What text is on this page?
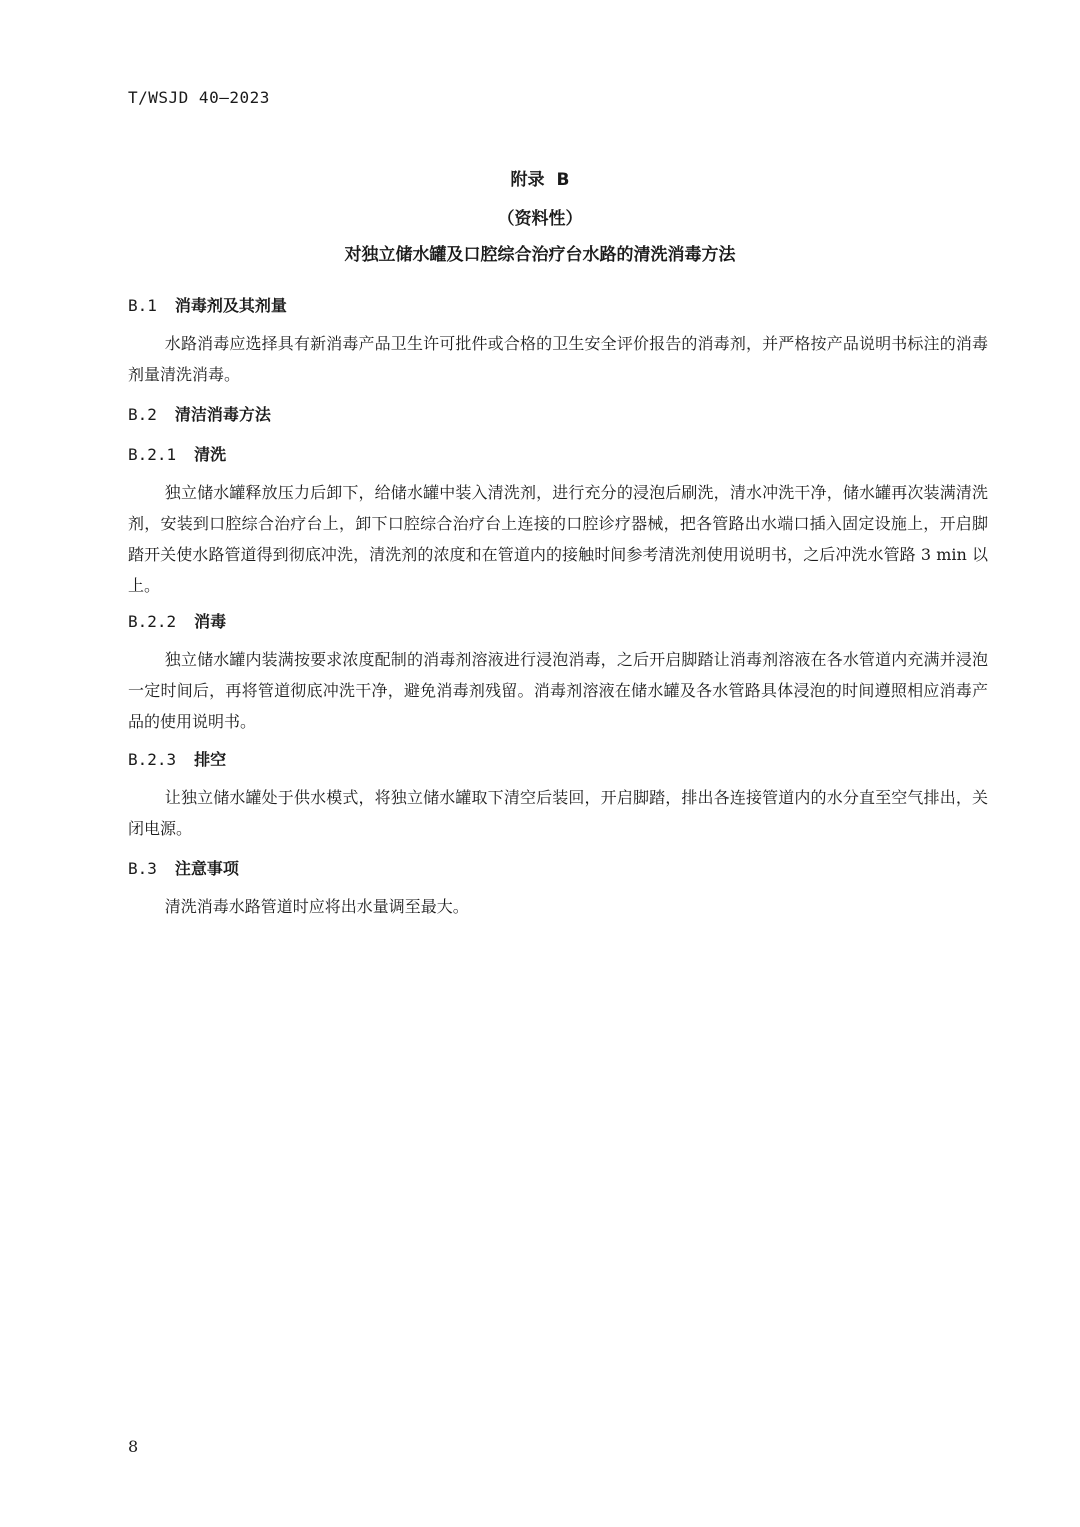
T/WSJD 40—2023
附录 B
（资料性）
对独立储水罐及口腔综合治疗台水路的清洗消毒方法
B.1 消毒剂及其剂量

水路消毒应选择具有新消毒产品卫生许可批件或合格的卫生安全评价报告的消毒剂，并严格按产品说明书标注的消毒剂量清洗消毒。

B.2 清洁消毒方法
B.2.1 清洗

独立储水罐释放压力后卸下，给储水罐中装入清洗剂，进行充分的浸泡后刷洗，清水冲洗干净，储水罐再次装满清洗剂，安装到口腔综合治疗台上，卸下口腔综合治疗台上连接的口腔诊疗器械，把各管路出水端口插入固定设施上，开启脚踏开关使水路管道得到彻底冲洗，清洗剂的浓度和在管道内的接触时间参考清洗剂使用说明书，之后冲洗水管路 3 min 以上。

B.2.2 消毒

独立储水罐内装满按要求浓度配制的消毒剂溶液进行浸泡消毒，之后开启脚踏让消毒剂溶液在各水管道内充满并浸泡一定时间后，再将管道彻底冲洗干净，避免消毒剂残留。消毒剂溶液在储水罐及各水管路具体浸泡的时间遵照相应消毒产品的使用说明书。

B.2.3 排空

让独立储水罐处于供水模式，将独立储水罐取下清空后装回，开启脚踏，排出各连接管道内的水分直至空气排出，关闭电源。

B.3 注意事项

清洗消毒水路管道时应将出水量调至最大。

8
